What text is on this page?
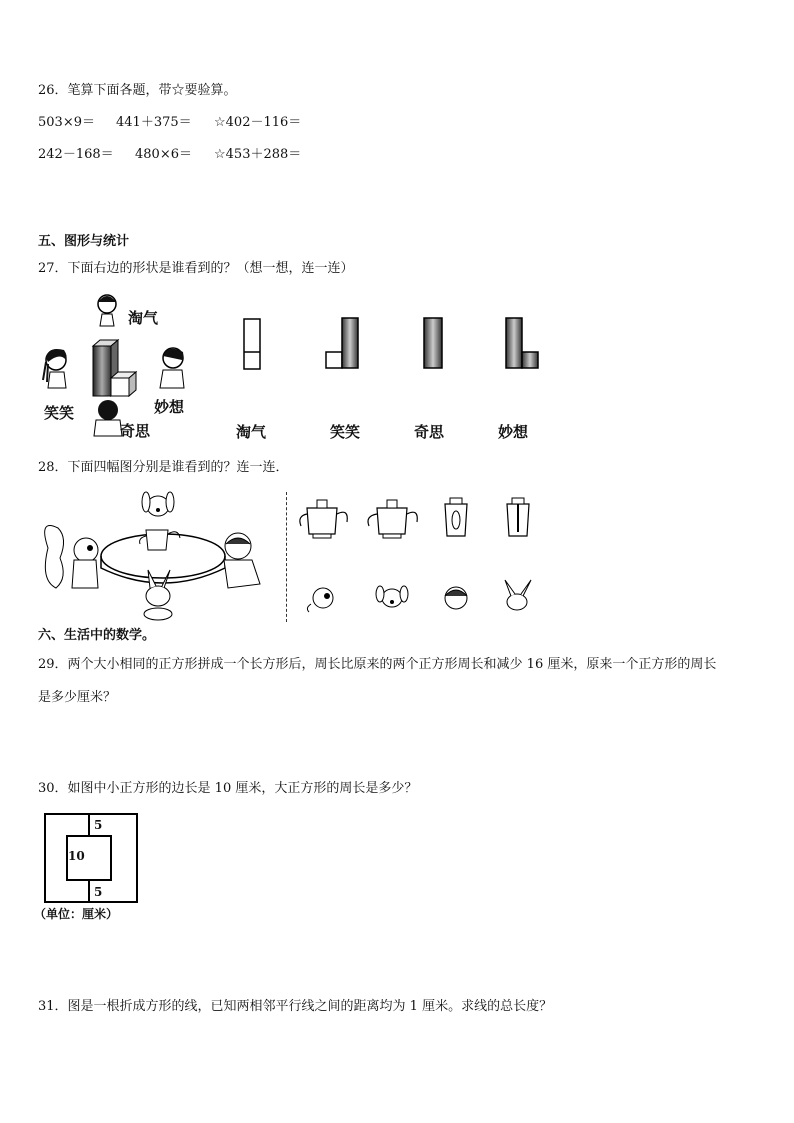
26．笔算下面各题，带☆要验算。
503×9＝ 441＋375＝ ☆402－116＝
242－168＝ 480×6＝ ☆453＋288＝
五、图形与统计
27．下面右边的形状是谁看到的？（想一想，连一连）
淘气
笑笑	妙想
奇思	淘气	笑笑	奇思	妙想
28．下面四幅图分别是谁看到的？连一连．
六、生活中的数学。
29．两个大小相同的正方形拼成一个长方形后，周长比原来的两个正方形周长和减少 16 厘米，原来一个正方形的周长
是多少厘米？
30．如图中小正方形的边长是 10 厘米，大正方形的周长是多少？
5
10
5
（单位：厘米）
31．图是一根折成方形的线，已知两相邻平行线之间的距离均为 1 厘米。求线的总长度？
